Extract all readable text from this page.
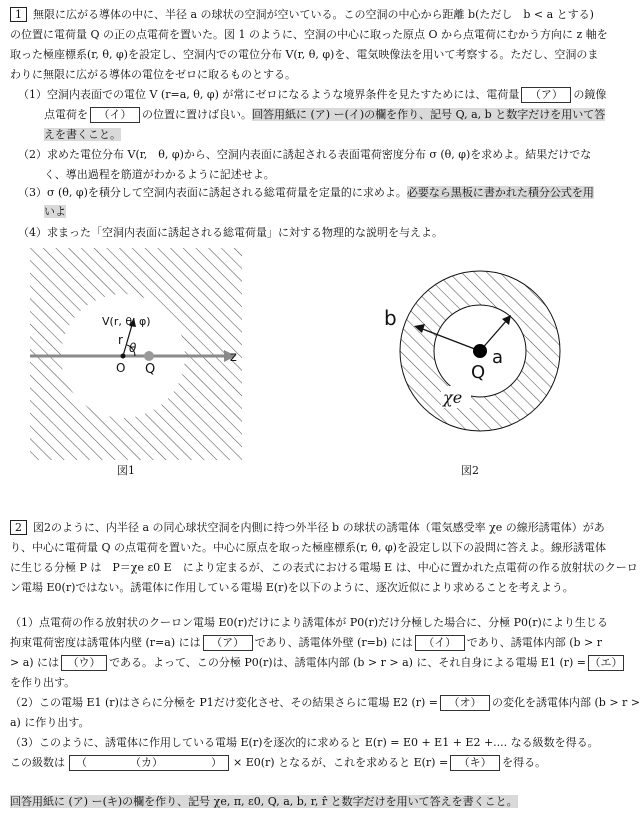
1 無限に広がる導体の中に、半径 a の球状の空洞が空いている。この空洞の中心から距離 b(ただし　b < a とする)
の位置に電荷量 Q の正の点電荷を置いた。図 1 のように、空洞の中心に取った原点 O から点電荷にむかう方向に z 軸を
取った極座標系(r, θ, φ)を設定し、空洞内での電位分布 V(r, θ, φ)を、電気映像法を用いて考察する。ただし、空洞のま
わりに無限に広がる導体の電位をゼロに取るものとする。
（1）空洞内表面での電位 V (r=a, θ, φ) が常にゼロになるような境界条件を見たすためには、電荷量 （ア） の鏡像
点電荷を （イ） の位置に置けば良い。回答用紙に (ア) ー(イ)の欄を作り、記号 Q, a, b と数字だけを用いて答
えを書くこと。
（2）求めた電位分布 V(r,　θ, φ)から、空洞内表面に誘起される表面電荷密度分布 σ (θ, φ)を求めよ。結果だけでな
く、導出過程を筋道がわかるように記述せよ。
（3）σ (θ, φ)を積分して空洞内表面に誘起される総電荷量を定量的に求めよ。必要なら黒板に書かれた積分公式を用
いよ
（4）求まった「空洞内表面に誘起される総電荷量」に対する物理的な説明を与えよ。
V(r, θ, φ)
r
θ
O Q
z
図1
b
a
Q
χe
図2
2 図2のように、内半径 a の同心球状空洞を内側に持つ外半径 b の球状の誘電体（電気感受率 χe の線形誘電体）があ
り、中心に電荷量 Q の点電荷を置いた。中心に原点を取った極座標系(r, θ, φ)を設定し以下の設問に答えよ。線形誘電体
に生じる分極 P は　P＝χe ε0 E　により定まるが、この表式における電場 E は、中心に置かれた点電荷の作る放射状のクーロ
ン電場 E0(r)ではない。誘電体に作用している電場 E(r)を以下のように、逐次近似により求めることを考えよう。
（1）点電荷の作る放射状のクーロン電場 E0(r)だけにより誘電体が P0(r)だけ分極した場合に、分極 P0(r)により生じる
拘束電荷密度は誘電体内壁 (r=a) には （ア） であり、誘電体外壁 (r=b) には （イ） であり、誘電体内部 (b > r
> a) には （ウ） である。よって、この分極 P0(r)は、誘電体内部 (b > r > a) に、それ自身による電場 E1 (r) = （エ）
を作り出す。
（2）この電場 E1 (r)はさらに分極を P1だけ変化させ、その結果さらに電場 E2 (r) = （オ） の変化を誘電体内部 (b > r >
a) に作り出す。
（3）このように、誘電体に作用している電場 E(r)を逐次的に求めると E(r) = E0 + E1 + E2 +.... なる級数を得る。
この級数は （	（カ）	） × E0(r) となるが、これを求めると E(r) = （キ） を得る。
回答用紙に (ア) ー(キ)の欄を作り、記号 χe, π, ε0, Q, a, b, r, r̂ と数字だけを用いて答えを書くこと。
